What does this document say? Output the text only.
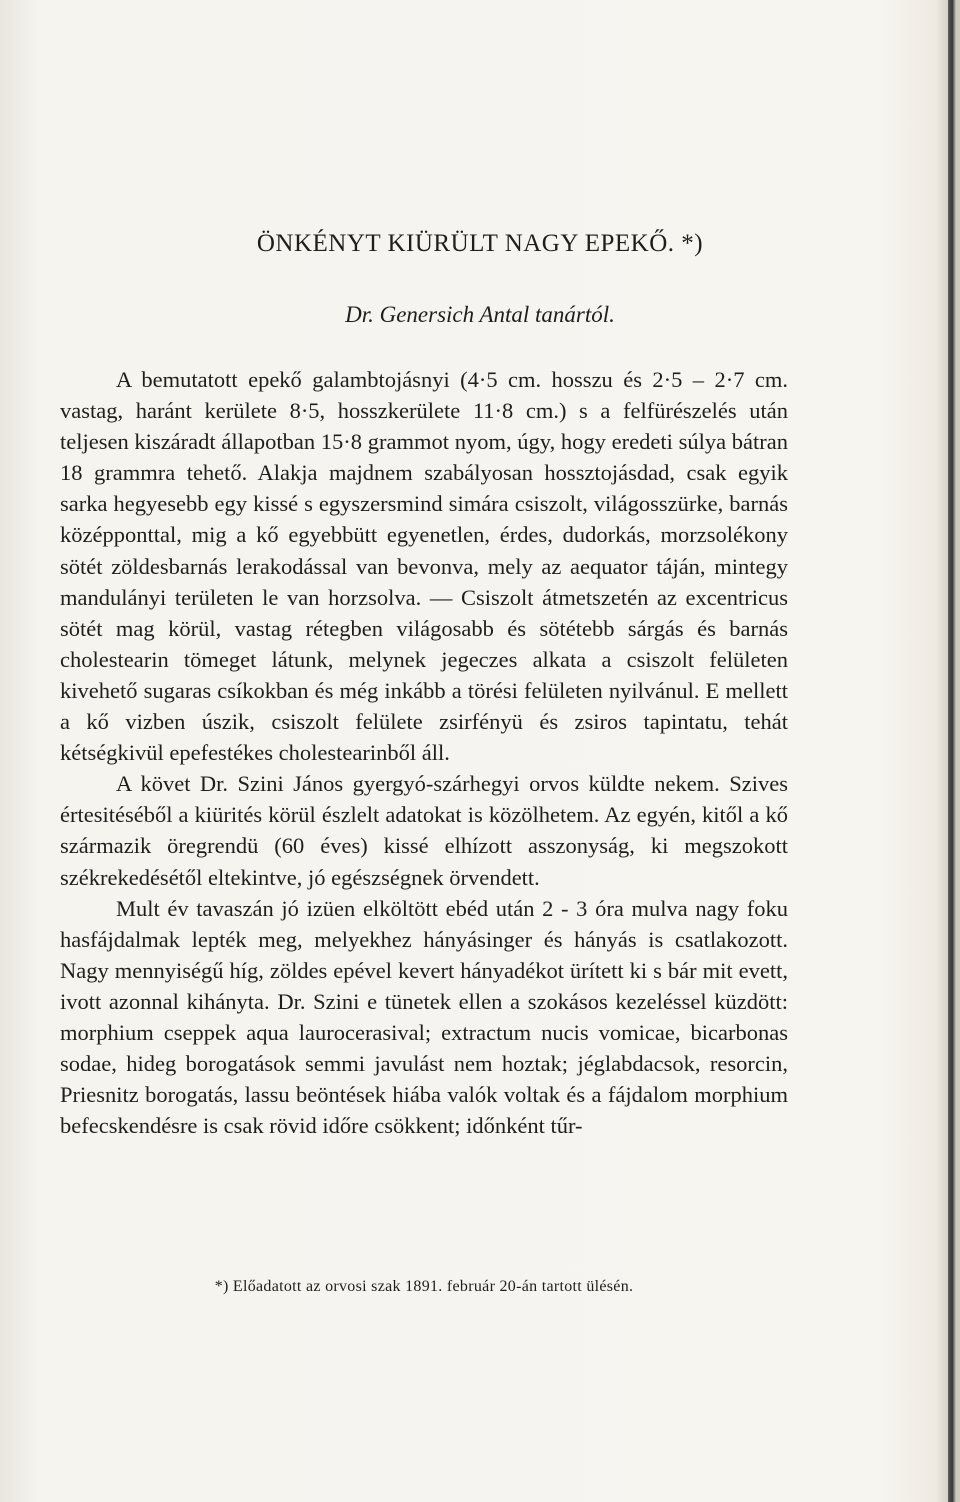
ÖNKÉNYT KIÜRÜLT NAGY EPEKŐ. *)
Dr. Genersich Antal tanártól.

A bemutatott epekő galambtojásnyi (4·5 cm. hosszu és 2·5 – 2·7 cm. vastag, haránt kerülete 8·5, hosszkerülete 11·8 cm.) s a felfürészelés után teljesen kiszáradt állapotban 15·8 grammot nyom, úgy, hogy eredeti súlya bátran 18 grammra tehető. Alakja majdnem szabályosan hossztojásdad, csak egyik sarka hegyesebb egy kissé s egyszersmind simára csiszolt, világosszürke, barnás középponttal, mig a kő egyebbütt egyenetlen, érdes, dudorkás, morzsolékony sötét zöldesbarnás lerakodással van bevonva, mely az aequator táján, mintegy mandulányi területen le van horzsolva. — Csiszolt átmetszetén az excentricus sötét mag körül, vastag rétegben világosabb és sötétebb sárgás és barnás cholestearin tömeget látunk, melynek jegeczes alkata a csiszolt felületen kivehető sugaras csíkokban és még inkább a törési felületen nyilvánul. E mellett a kő vizben úszik, csiszolt felülete zsirfényü és zsiros tapintatu, tehát kétségkivül epefestékes cholestearinből áll.

A követ Dr. Szini János gyergyó-szárhegyi orvos küldte nekem. Szives értesitéséből a kiürités körül észlelt adatokat is közölhetem. Az egyén, kitől a kő származik öregrendü (60 éves) kissé elhízott asszonyság, ki megszokott székrekedésétől eltekintve, jó egészségnek örvendett.

Mult év tavaszán jó izüen elköltött ebéd után 2 - 3 óra mulva nagy foku hasfájdalmak lepték meg, melyekhez hányásinger és hányás is csatlakozott. Nagy mennyiségű híg, zöldes epével kevert hányadékot ürített ki s bár mit evett, ivott azonnal kihányta. Dr. Szini e tünetek ellen a szokásos kezeléssel küzdött: morphium cseppek aqua laurocerasival; extractum nucis vomicae, bicarbonas sodae, hideg borogatások semmi javulást nem hoztak; jéglabdacsok, resorcin, Priesnitz borogatás, lassu beöntések hiába valók voltak és a fájdalom morphium befecskendésre is csak rövid időre csökkent; időnként tűr-

*) Előadatott az orvosi szak 1891. február 20-án tartott ülésén.
